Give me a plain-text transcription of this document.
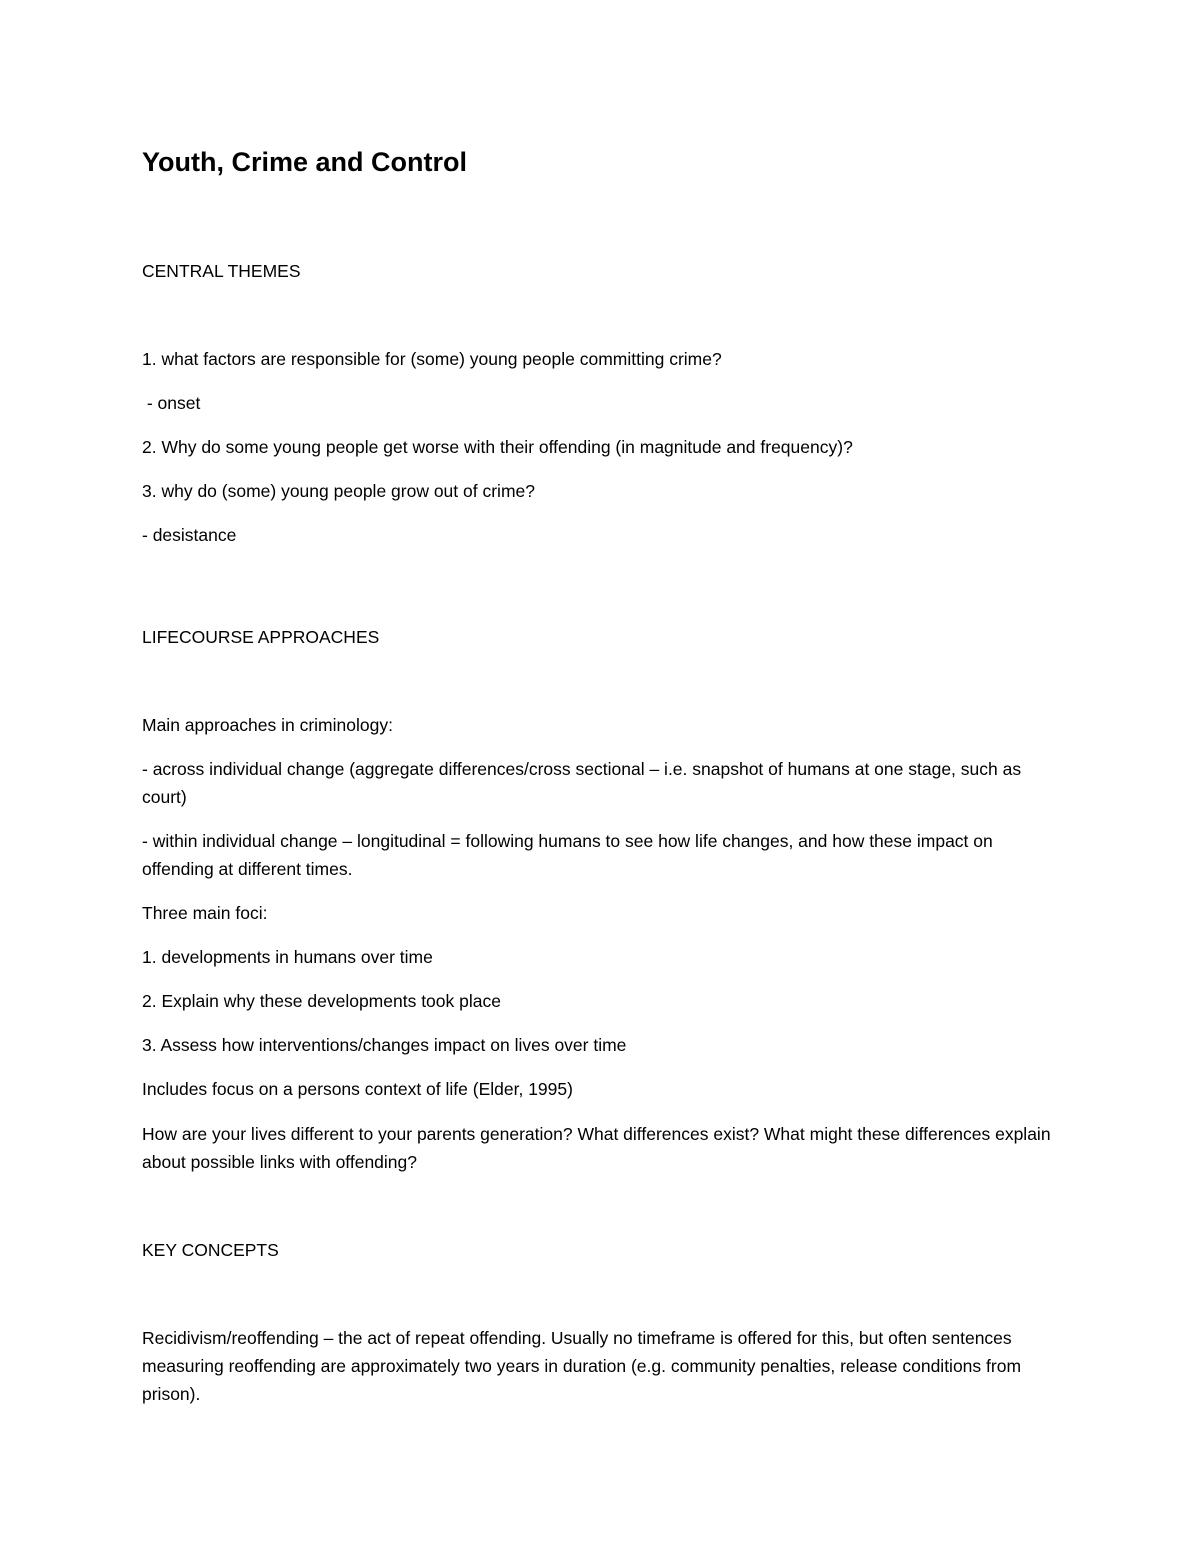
Youth, Crime and Control

CENTRAL THEMES

1. what factors are responsible for (some) young people committing crime?

- onset

2. Why do some young people get worse with their offending (in magnitude and frequency)?

3. why do (some) young people grow out of crime?

- desistance

LIFECOURSE APPROACHES

Main approaches in criminology:

- across individual change (aggregate differences/cross sectional – i.e. snapshot of humans at one stage, such as court)

- within individual change – longitudinal = following humans to see how life changes, and how these impact on offending at different times.

Three main foci:

1. developments in humans over time

2. Explain why these developments took place

3. Assess how interventions/changes impact on lives over time

Includes focus on a persons context of life (Elder, 1995)

How are your lives different to your parents generation? What differences exist? What might these differences explain about possible links with offending?

KEY CONCEPTS

Recidivism/reoffending – the act of repeat offending. Usually no timeframe is offered for this, but often sentences measuring reoffending are approximately two years in duration (e.g. community penalties, release conditions from prison).
